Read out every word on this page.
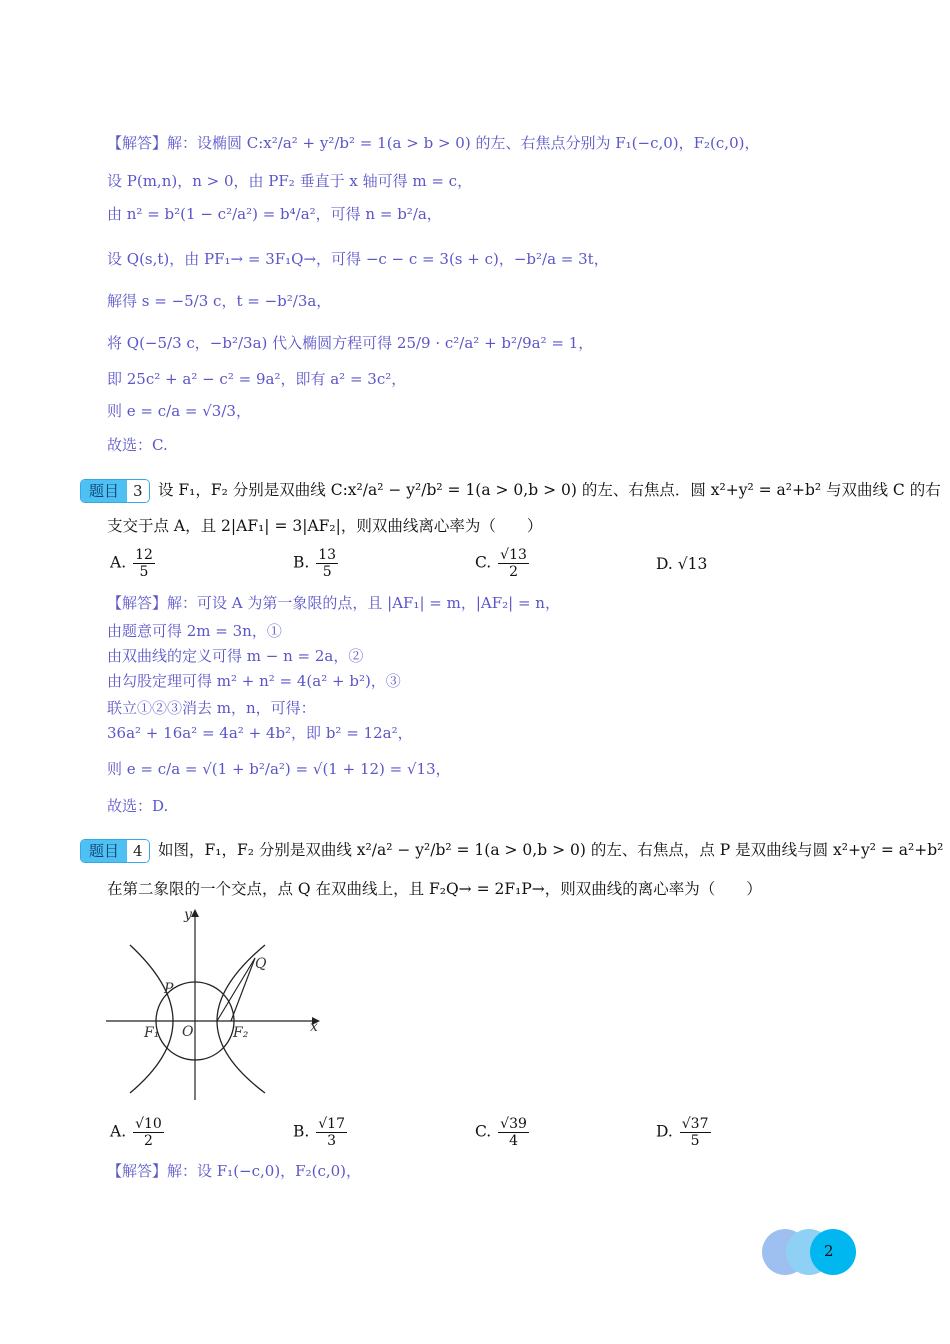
【解答】解：设椭圆 C:x²/a² + y²/b² = 1(a > b > 0) 的左、右焦点分别为 F₁(−c,0)，F₂(c,0)，
设 P(m,n)，n > 0，由 PF₂ 垂直于 x 轴可得 m = c，
由 n² = b²(1 − c²/a²) = b⁴/a²，可得 n = b²/a，
设 Q(s,t)，由 PF₁→ = 3F₁Q→，可得 −c − c = 3(s + c)，−b²/a = 3t，
解得 s = −5/3 c，t = −b²/3a，
将 Q(−5/3 c，−b²/3a) 代入椭圆方程可得 25/9 · c²/a² + b²/9a² = 1，
即 25c² + a² − c² = 9a²，即有 a² = 3c²，
则 e = c/a = √3/3，
故选：C.
题目 3 设 F₁，F₂ 分别是双曲线 C:x²/a² − y²/b² = 1(a > 0,b > 0) 的左、右焦点．圆 x²+y² = a²+b² 与双曲线 C 的右
支交于点 A，且 2|AF₁| = 3|AF₂|，则双曲线离心率为（　　）
A. $\frac{12}{5}$	B. $\frac{13}{5}$	C. $\frac{√13}{2}$	D. √13
【解答】解：可设 A 为第一象限的点，且 |AF₁| = m，|AF₂| = n，
由题意可得 2m = 3n，①
由双曲线的定义可得 m − n = 2a，②
由勾股定理可得 m² + n² = 4(a² + b²)，③
联立①②③消去 m，n，可得：
36a² + 16a² = 4a² + 4b²，即 b² = 12a²，
则 e = c/a = √(1 + b²/a²) = √(1 + 12) = √13，
故选：D.
题目 4 如图，F₁，F₂ 分别是双曲线 x²/a² − y²/b² = 1(a > 0,b > 0) 的左、右焦点，点 P 是双曲线与圆 x²+y² = a²+b²
在第二象限的一个交点，点 Q 在双曲线上，且 F₂Q→ = 2F₁P→，则双曲线的离心率为（　　）
y
x
O
P
Q
F₁	F₂
A. $\frac{√10}{2}$	B. $\frac{√17}{3}$	C. $\frac{√39}{4}$	D. $\frac{√37}{5}$
【解答】解：设 F₁(−c,0)，F₂(c,0)，
2
